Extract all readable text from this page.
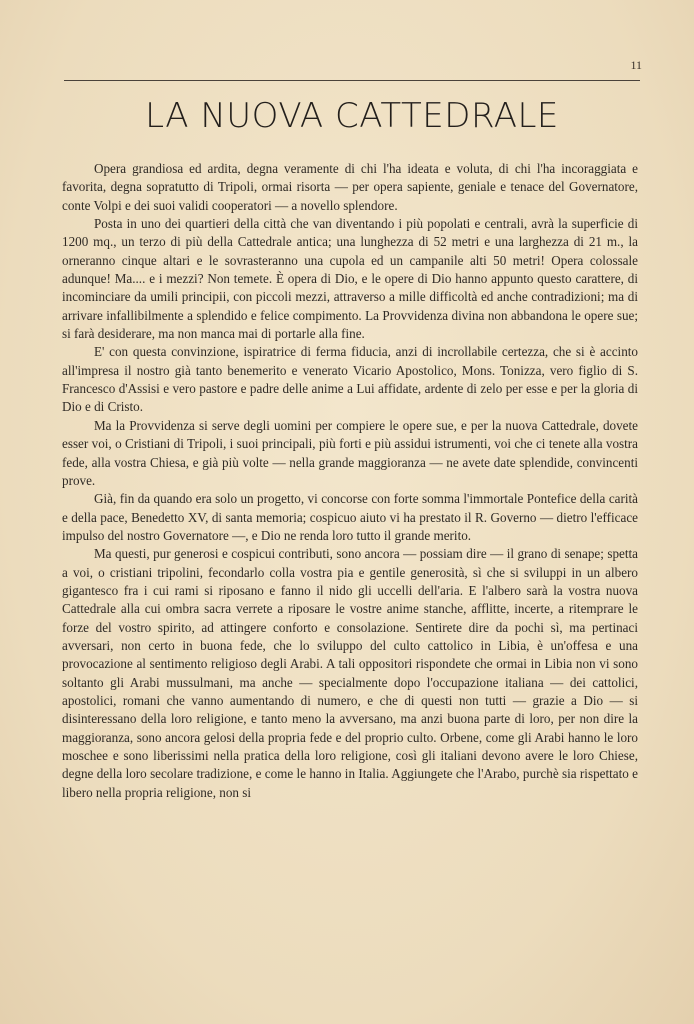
11
LA NUOVA CATTEDRALE

Opera grandiosa ed ardita, degna veramente di chi l'ha ideata e voluta, di chi l'ha incoraggiata e favorita, degna sopratutto di Tripoli, ormai risorta — per opera sapiente, geniale e tenace del Governatore, conte Volpi e dei suoi validi cooperatori — a novello splendore.

Posta in uno dei quartieri della città che van diventando i più popolati e centrali, avrà la superficie di 1200 mq., un terzo di più della Cattedrale antica; una lunghezza di 52 metri e una larghezza di 21 m., la orneranno cinque altari e le sovrasteranno una cupola ed un campanile alti 50 metri! Opera colossale adunque! Ma.... e i mezzi? Non temete. È opera di Dio, e le opere di Dio hanno appunto questo carattere, di incominciare da umili principii, con piccoli mezzi, attraverso a mille difficoltà ed anche contradizioni; ma di arrivare infallibilmente a splendido e felice compimento. La Provvidenza divina non abbandona le opere sue; si farà desiderare, ma non manca mai di portarle alla fine.

E' con questa convinzione, ispiratrice di ferma fiducia, anzi di incrollabile certezza, che si è accinto all'impresa il nostro già tanto benemerito e venerato Vicario Apostolico, Mons. Tonizza, vero figlio di S. Francesco d'Assisi e vero pastore e padre delle anime a Lui affidate, ardente di zelo per esse e per la gloria di Dio e di Cristo.

Ma la Provvidenza si serve degli uomini per compiere le opere sue, e per la nuova Cattedrale, dovete esser voi, o Cristiani di Tripoli, i suoi principali, più forti e più assidui istrumenti, voi che ci tenete alla vostra fede, alla vostra Chiesa, e già più volte — nella grande maggioranza — ne avete date splendide, convincenti prove.

Già, fin da quando era solo un progetto, vi concorse con forte somma l'immortale Pontefice della carità e della pace, Benedetto XV, di santa memoria; cospicuo aiuto vi ha prestato il R. Governo — dietro l'efficace impulso del nostro Governatore —, e Dio ne renda loro tutto il grande merito.

Ma questi, pur generosi e cospicui contributi, sono ancora — possiam dire — il grano di senape; spetta a voi, o cristiani tripolini, fecondarlo colla vostra pia e gentile generosità, sì che si sviluppi in un albero gigantesco fra i cui rami si riposano e fanno il nido gli uccelli dell'aria. E l'albero sarà la vostra nuova Cattedrale alla cui ombra sacra verrete a riposare le vostre anime stanche, afflitte, incerte, a ritemprare le forze del vostro spirito, ad attingere conforto e consolazione. Sentirete dire da pochi sì, ma pertinaci avversari, non certo in buona fede, che lo sviluppo del culto cattolico in Libia, è un'offesa e una provocazione al sentimento religioso degli Arabi. A tali oppositori rispondete che ormai in Libia non vi sono soltanto gli Arabi mussulmani, ma anche — specialmente dopo l'occupazione italiana — dei cattolici, apostolici, romani che vanno aumentando di numero, e che di questi non tutti — grazie a Dio — si disinteressano della loro religione, e tanto meno la avversano, ma anzi buona parte di loro, per non dire la maggioranza, sono ancora gelosi della propria fede e del proprio culto. Orbene, come gli Arabi hanno le loro moschee e sono liberissimi nella pratica della loro religione, così gli italiani devono avere le loro Chiese, degne della loro secolare tradizione, e come le hanno in Italia. Aggiungete che l'Arabo, purchè sia rispettato e libero nella propria religione, non si
